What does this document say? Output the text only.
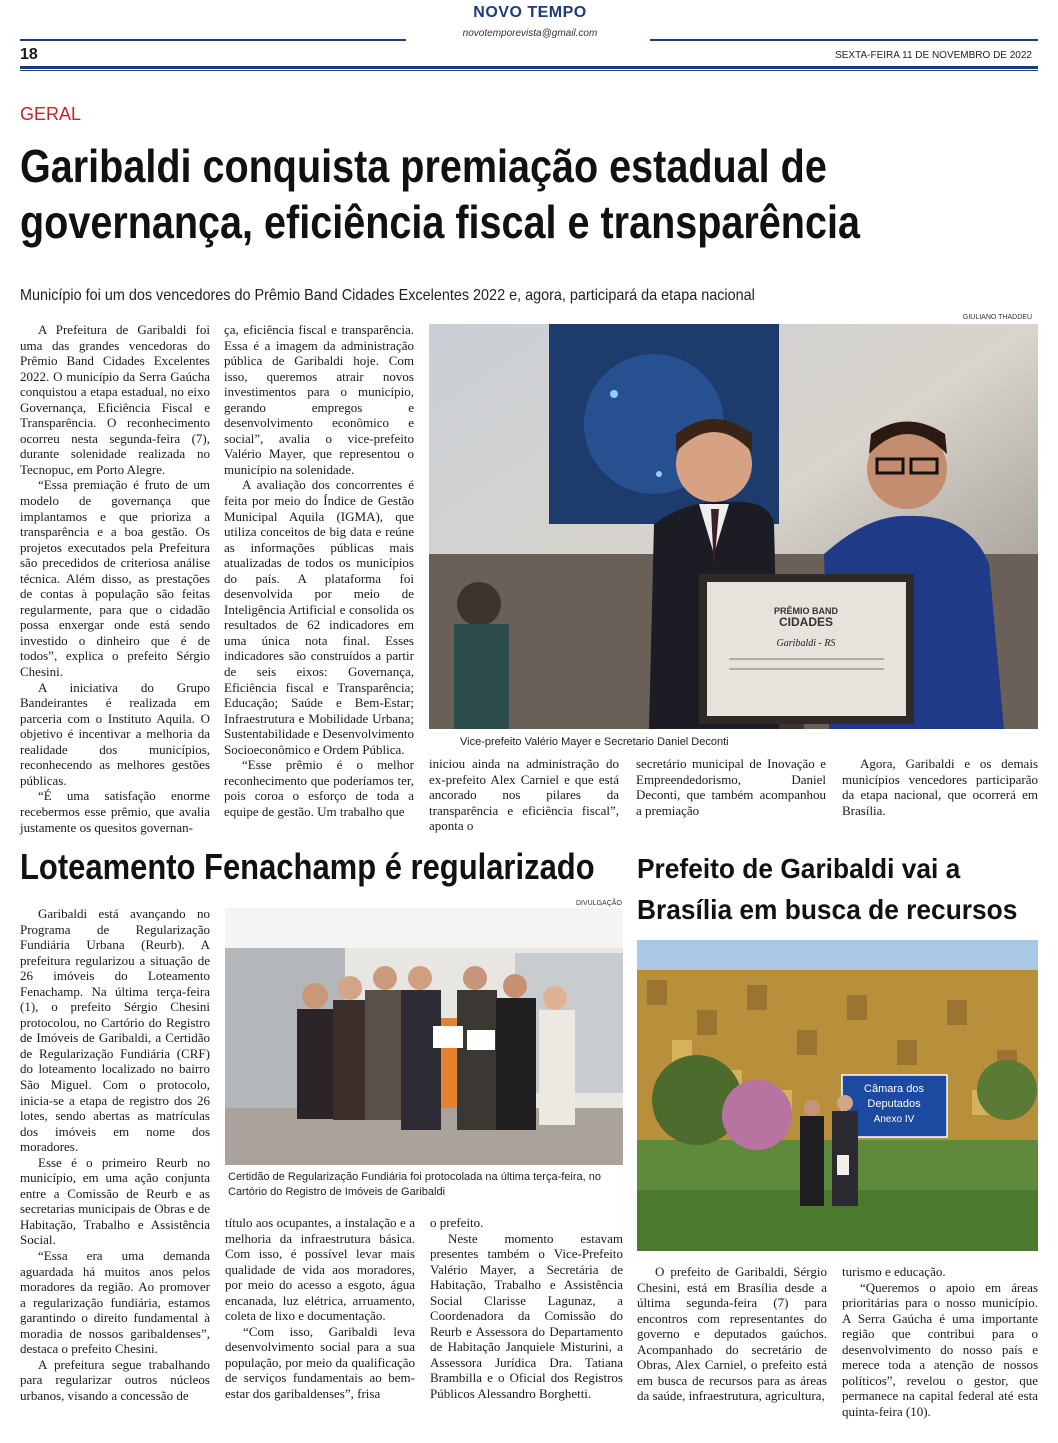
NOVO TEMPO
novotemporevista@gmail.com
18	SEXTA-FEIRA 11 DE NOVEMBRO DE 2022
GERAL
Garibaldi conquista premiação estadual de
governança, eficiência fiscal e transparência
Município foi um dos vencedores do Prêmio Band Cidades Excelentes 2022 e, agora, participará da etapa nacional

A Prefeitura de Garibaldi foi uma das grandes vencedoras do Prêmio Band Cidades Excelentes 2022. O município da Serra Gaúcha conquistou a etapa estadual, no eixo Governança, Eficiência Fiscal e Transparência. O reconhecimento ocorreu nesta segunda-feira (7), durante solenidade realizada no Tecnopuc, em Porto Alegre.

“Essa premiação é fruto de um modelo de governança que implantamos e que prioriza a transparência e a boa gestão. Os projetos executados pela Prefeitura são precedidos de criteriosa análise técnica. Além disso, as prestações de contas à população são feitas regularmente, para que o cidadão possa enxergar onde está sendo investido o dinheiro que é de todos”, explica o prefeito Sérgio Chesini.

A iniciativa do Grupo Bandeirantes é realizada em parceria com o Instituto Aquila. O objetivo é incentivar a melhoria da realidade dos municípios, reconhecendo as melhores gestões públicas.

“É uma satisfação enorme recebermos esse prêmio, que avalia justamente os quesitos governan-

ça, eficiência fiscal e transparência. Essa é a imagem da administração pública de Garibaldi hoje. Com isso, queremos atrair novos investimentos para o município, gerando empregos e desenvolvimento econômico e social”, avalia o vice-prefeito Valério Mayer, que representou o município na solenidade.

A avaliação dos concorrentes é feita por meio do Índice de Gestão Municipal Aquila (IGMA), que utiliza conceitos de big data e reúne as informações públicas mais atualizadas de todos os municípios do país. A plataforma foi desenvolvida por meio de Inteligência Artificial e consolida os resultados de 62 indicadores em uma única nota final. Esses indicadores são construídos a partir de seis eixos: Governança, Eficiência fiscal e Transparência; Educação; Saúde e Bem-Estar; Infraestrutura e Mobilidade Urbana; Sustentabilidade e Desenvolvimento Socioeconômico e Ordem Pública.

“Esse prêmio é o melhor reconhecimento que poderíamos ter, pois coroa o esforço de toda a equipe de gestão. Um trabalho que

GIULIANO THADDEU
PRÊMIO BAND
CIDADES
Garibaldi - RS
Vice-prefeito Valério Mayer e Secretario Daniel Deconti

iniciou ainda na administração do ex-prefeito Alex Carniel e que está ancorado nos pilares da transparência e eficiência fiscal”, aponta o

secretário municipal de Inovação e Empreendedorismo, Daniel Deconti, que também acompanhou a premiação

Agora, Garibaldi e os demais municípios vencedores participarão da etapa nacional, que ocorrerá em Brasília.

Loteamento Fenachamp é regularizado
DIVULGAÇÃO

Garibaldi está avançando no Programa de Regularização Fundiária Urbana (Reurb). A prefeitura regularizou a situação de 26 imóveis do Loteamento Fenachamp. Na última terça-feira (1), o prefeito Sérgio Chesini protocolou, no Cartório do Registro de Imóveis de Garibaldi, a Certidão de Regularização Fundiária (CRF) do loteamento localizado no bairro São Miguel. Com o protocolo, inicia-se a etapa de registro dos 26 lotes, sendo abertas as matrículas dos imóveis em nome dos moradores.

Esse é o primeiro Reurb no município, em uma ação conjunta entre a Comissão de Reurb e as secretarias municipais de Obras e de Habitação, Trabalho e Assistência Social.

“Essa era uma demanda aguardada há muitos anos pelos moradores da região. Ao promover a regularização fundiária, estamos garantindo o direito fundamental à moradia de nossos garibaldenses”, destaca o prefeito Chesini.

A prefeitura segue trabalhando para regularizar outros núcleos urbanos, visando a concessão de

Certidão de Regularização Fundiária foi protocolada na última terça-feira, no Cartório do Registro de Imóveis de Garibaldi

título aos ocupantes, a instalação e a melhoria da infraestrutura básica. Com isso, é possível levar mais qualidade de vida aos moradores, por meio do acesso a esgoto, água encanada, luz elétrica, arruamento, coleta de lixo e documentação.

“Com isso, Garibaldi leva desenvolvimento social para a sua população, por meio da qualificação de serviços fundamentais ao bem-estar dos garibaldenses”, frisa

o prefeito.

Neste momento estavam presentes também o Vice-Prefeito Valério Mayer, a Secretária de Habitação, Trabalho e Assistência Social Clarisse Lagunaz, a Coordenadora da Comissão do Reurb e Assessora do Departamento de Habitação Janquiele Misturini, a Assessora Jurídica Dra. Tatiana Brambilla e o Oficial dos Registros Públicos Alessandro Borghetti.

Prefeito de Garibaldi vai a Brasília em busca de recursos
Câmara dos
Deputados
Anexo IV

O prefeito de Garibaldi, Sérgio Chesini, está em Brasília desde a última segunda-feira (7) para encontros com representantes do governo e deputados gaúchos. Acompanhado do secretário de Obras, Alex Carniel, o prefeito está em busca de recursos para as áreas da saúde, infraestrutura, agricultura,

turismo e educação.

“Queremos o apoio em áreas prioritárias para o nosso município. A Serra Gaúcha é uma importante região que contribui para o desenvolvimento do nosso país e merece toda a atenção de nossos políticos”, revelou o gestor, que permanece na capital federal até esta quinta-feira (10).
